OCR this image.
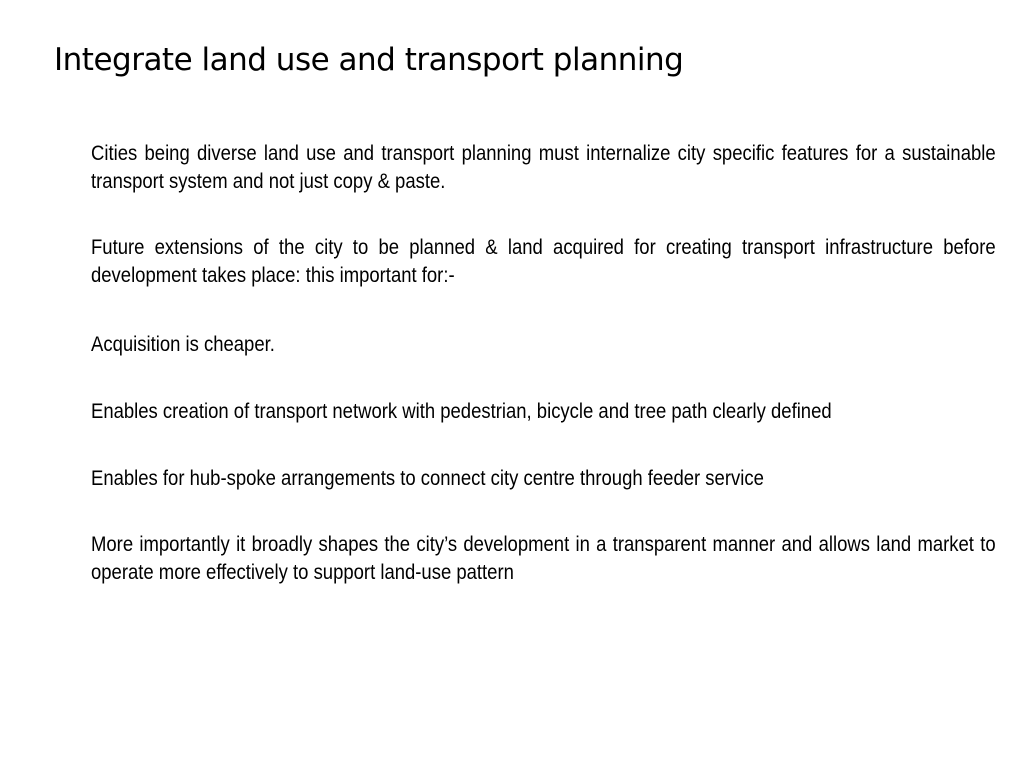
Integrate land use and transport planning
Cities being diverse land use and transport planning must internalize city specific features for a sustainable transport system and not just copy & paste.
Future extensions of the city to be planned & land acquired for creating transport infrastructure before development takes place: this important for:-
Acquisition is cheaper.
Enables creation of transport network with pedestrian, bicycle and tree path clearly defined
Enables for hub-spoke arrangements to connect city centre through feeder service
More importantly it broadly shapes the city’s development in a transparent manner and allows land market to operate more effectively to support land-use pattern
